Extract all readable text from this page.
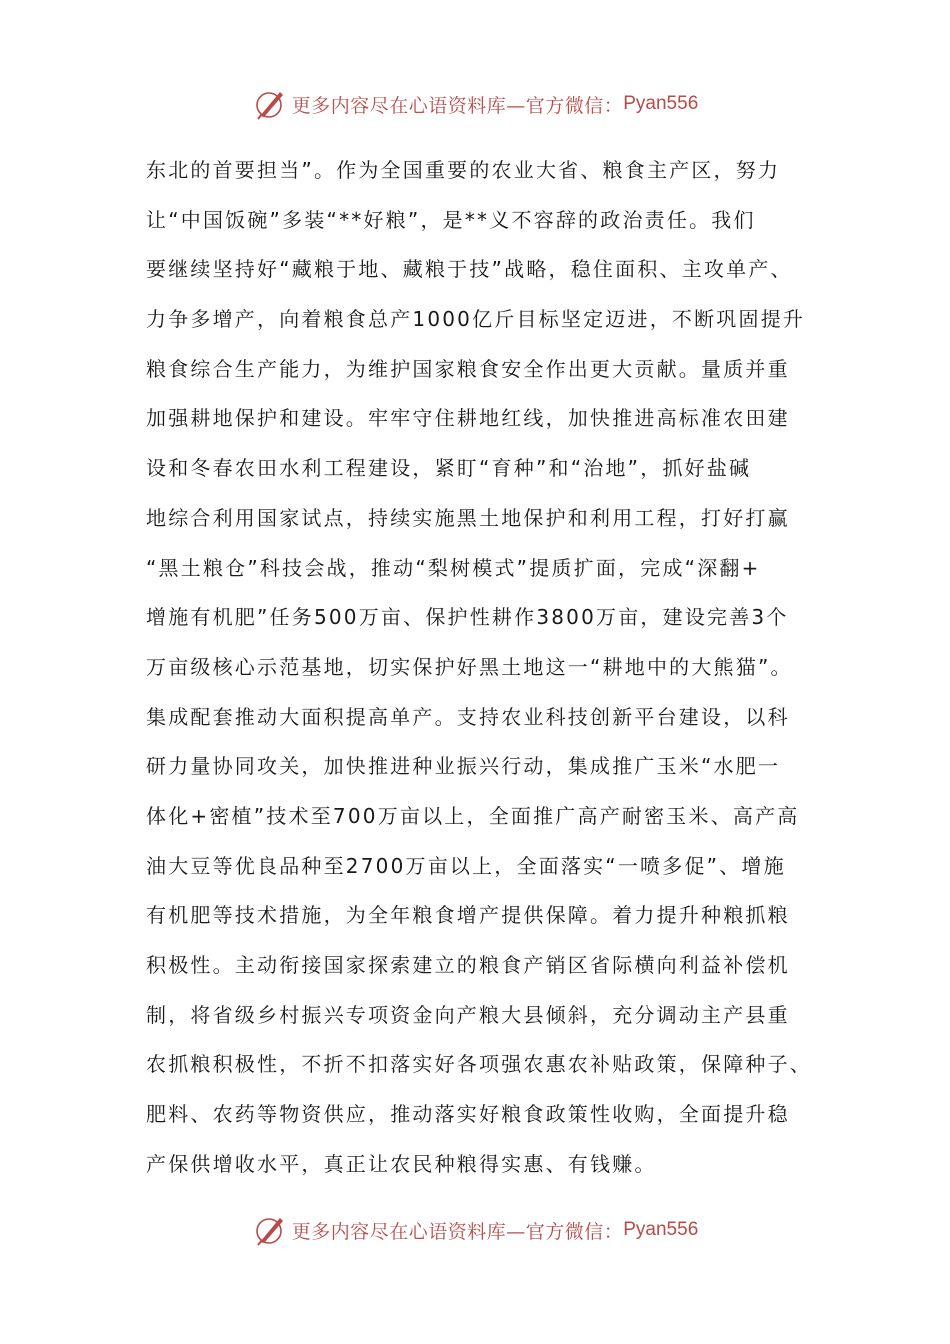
更多内容尽在心语资料库—官方微信： Pyan556
东北的首要担当”。作为全国重要的农业大省、粮食主产区，努力
让“中国饭碗”多装“**好粮”，是**义不容辞的政治责任。我们
要继续坚持好“藏粮于地、藏粮于技”战略，稳住面积、主攻单产、
力争多增产，向着粮食总产1000亿斤目标坚定迈进，不断巩固提升
粮食综合生产能力，为维护国家粮食安全作出更大贡献。量质并重
加强耕地保护和建设。牢牢守住耕地红线，加快推进高标准农田建
设和冬春农田水利工程建设，紧盯“育种”和“治地”，抓好盐碱
地综合利用国家试点，持续实施黑土地保护和利用工程，打好打赢
“黑土粮仓”科技会战，推动“梨树模式”提质扩面，完成“深翻+
增施有机肥”任务500万亩、保护性耕作3800万亩，建设完善3个
万亩级核心示范基地，切实保护好黑土地这一“耕地中的大熊猫”。
集成配套推动大面积提高单产。支持农业科技创新平台建设，以科
研力量协同攻关，加快推进种业振兴行动，集成推广玉米“水肥一
体化+密植”技术至700万亩以上，全面推广高产耐密玉米、高产高
油大豆等优良品种至2700万亩以上，全面落实“一喷多促”、增施
有机肥等技术措施，为全年粮食增产提供保障。着力提升种粮抓粮
积极性。主动衔接国家探索建立的粮食产销区省际横向利益补偿机
制，将省级乡村振兴专项资金向产粮大县倾斜，充分调动主产县重
农抓粮积极性，不折不扣落实好各项强农惠农补贴政策，保障种子、
肥料、农药等物资供应，推动落实好粮食政策性收购，全面提升稳
产保供增收水平，真正让农民种粮得实惠、有钱赚。
更多内容尽在心语资料库—官方微信： Pyan556
